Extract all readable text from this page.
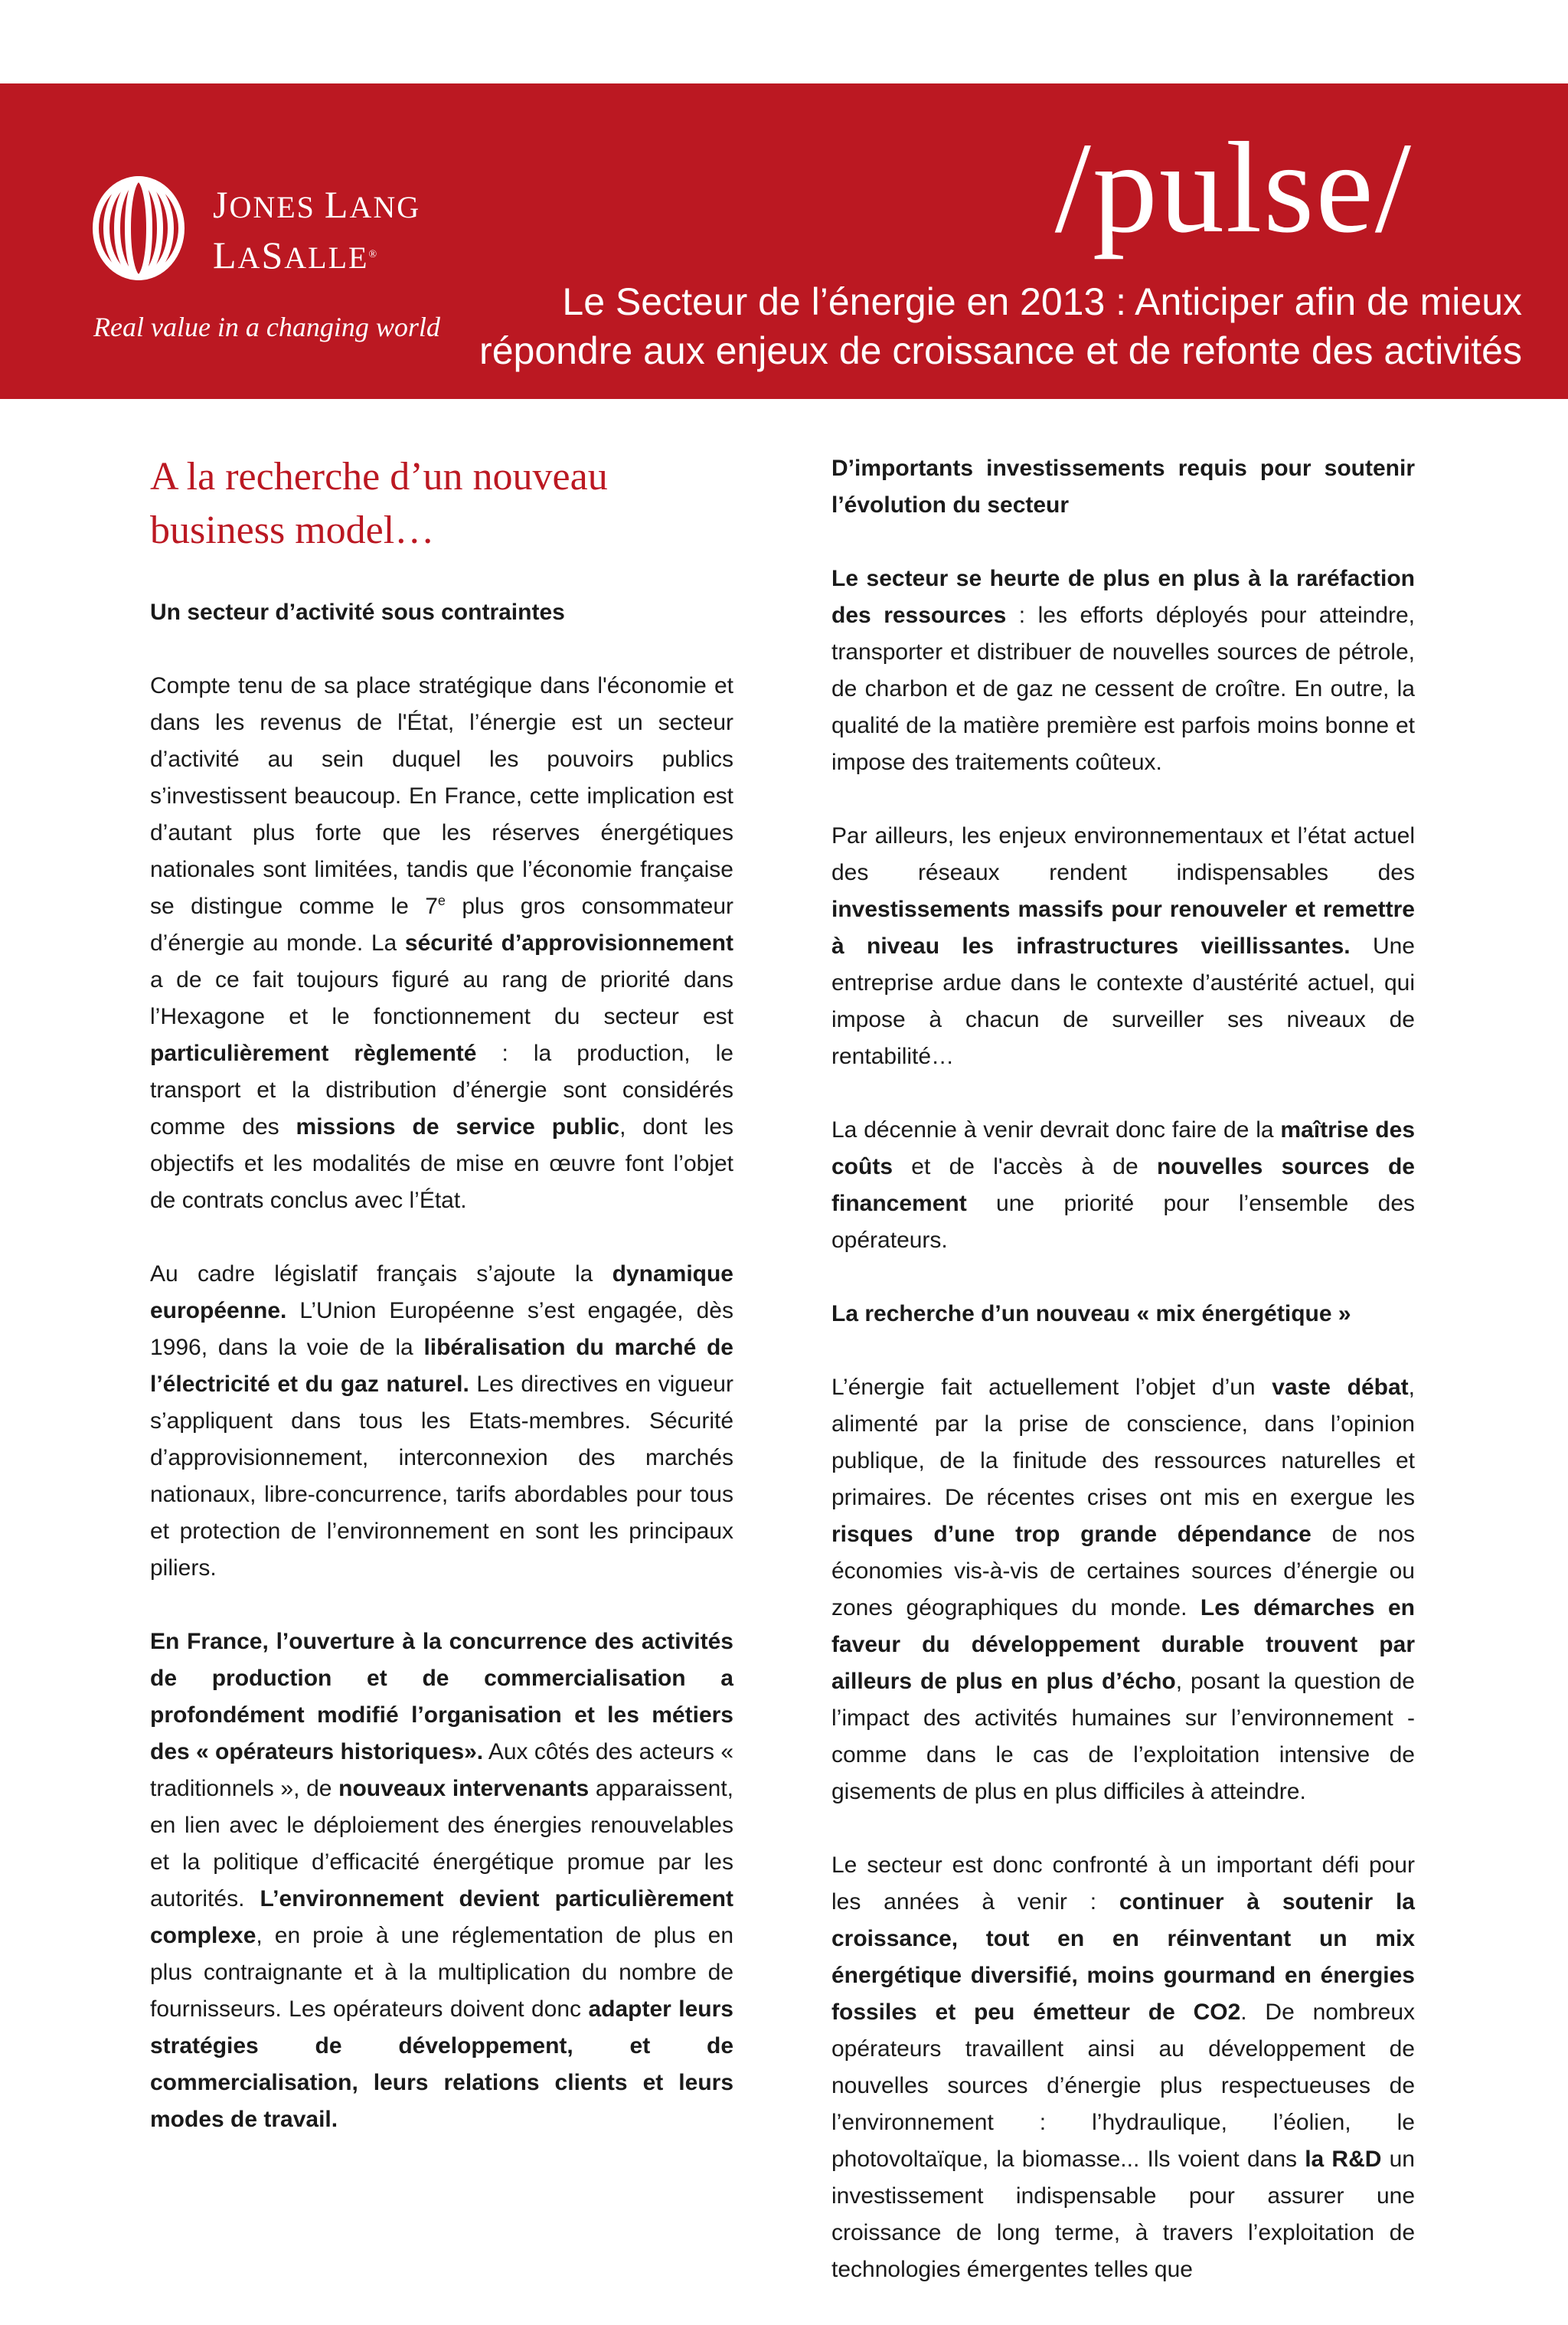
JONES LANG
LASALLE®
Real value in a changing world
/pulse/
Le Secteur de l’énergie en 2013 : Anticiper afin de mieux
répondre aux enjeux de croissance et de refonte des activités
A la recherche d’un nouveau
business model…
Un secteur d’activité sous contraintes

Compte tenu de sa place stratégique dans l'économie et dans les revenus de l'État, l’énergie est un secteur d’activité au sein duquel les pouvoirs publics s’investissent beaucoup. En France, cette implication est d’autant plus forte que les réserves énergétiques nationales sont limitées, tandis que l’économie française se distingue comme le 7e plus gros consommateur d’énergie au monde. La sécurité d’approvisionnement a de ce fait toujours figuré au rang de priorité dans l’Hexagone et le fonctionnement du secteur est particulièrement règlementé : la production, le transport et la distribution d’énergie sont considérés comme des missions de service public, dont les objectifs et les modalités de mise en œuvre font l’objet de contrats conclus avec l’État.

Au cadre législatif français s’ajoute la dynamique européenne. L’Union Européenne s’est engagée, dès 1996, dans la voie de la libéralisation du marché de l’électricité et du gaz naturel. Les directives en vigueur s’appliquent dans tous les Etats-membres. Sécurité d’approvisionnement, interconnexion des marchés nationaux, libre-concurrence, tarifs abordables pour tous et protection de l’environnement en sont les principaux piliers.

En France, l’ouverture à la concurrence des activités de production et de commercialisation a profondément modifié l’organisation et les métiers des « opérateurs historiques». Aux côtés des acteurs « traditionnels », de nouveaux intervenants apparaissent, en lien avec le déploiement des énergies renouvelables et la politique d’efficacité énergétique promue par les autorités. L’environnement devient particulièrement complexe, en proie à une réglementation de plus en plus contraignante et à la multiplication du nombre de fournisseurs. Les opérateurs doivent donc adapter leurs stratégies de développement, et de commercialisation, leurs relations clients et leurs modes de travail.

D’importants investissements requis pour soutenir l’évolution du secteur

Le secteur se heurte de plus en plus à la raréfaction des ressources : les efforts déployés pour atteindre, transporter et distribuer de nouvelles sources de pétrole, de charbon et de gaz ne cessent de croître. En outre, la qualité de la matière première est parfois moins bonne et impose des traitements coûteux.

Par ailleurs, les enjeux environnementaux et l’état actuel des réseaux rendent indispensables des investissements massifs pour renouveler et remettre à niveau les infrastructures vieillissantes. Une entreprise ardue dans le contexte d’austérité actuel, qui impose à chacun de surveiller ses niveaux de rentabilité…

La décennie à venir devrait donc faire de la maîtrise des coûts et de l'accès à de nouvelles sources de financement une priorité pour l’ensemble des opérateurs.

La recherche d’un nouveau « mix énergétique »

L’énergie fait actuellement l’objet d’un vaste débat, alimenté par la prise de conscience, dans l’opinion publique, de la finitude des ressources naturelles et primaires. De récentes crises ont mis en exergue les risques d’une trop grande dépendance de nos économies vis-à-vis de certaines sources d’énergie ou zones géographiques du monde. Les démarches en faveur du développement durable trouvent par ailleurs de plus en plus d’écho, posant la question de l’impact des activités humaines sur l’environnement - comme dans le cas de l’exploitation intensive de gisements de plus en plus difficiles à atteindre.

Le secteur est donc confronté à un important défi pour les années à venir : continuer à soutenir la croissance, tout en en réinventant un mix énergétique diversifié, moins gourmand en énergies fossiles et peu émetteur de CO2. De nombreux opérateurs travaillent ainsi au développement de nouvelles sources d’énergie plus respectueuses de l’environnement : l’hydraulique, l’éolien, le photovoltaïque, la biomasse... Ils voient dans la R&D un investissement indispensable pour assurer une croissance de long terme, à travers l’exploitation de technologies émergentes telles que
